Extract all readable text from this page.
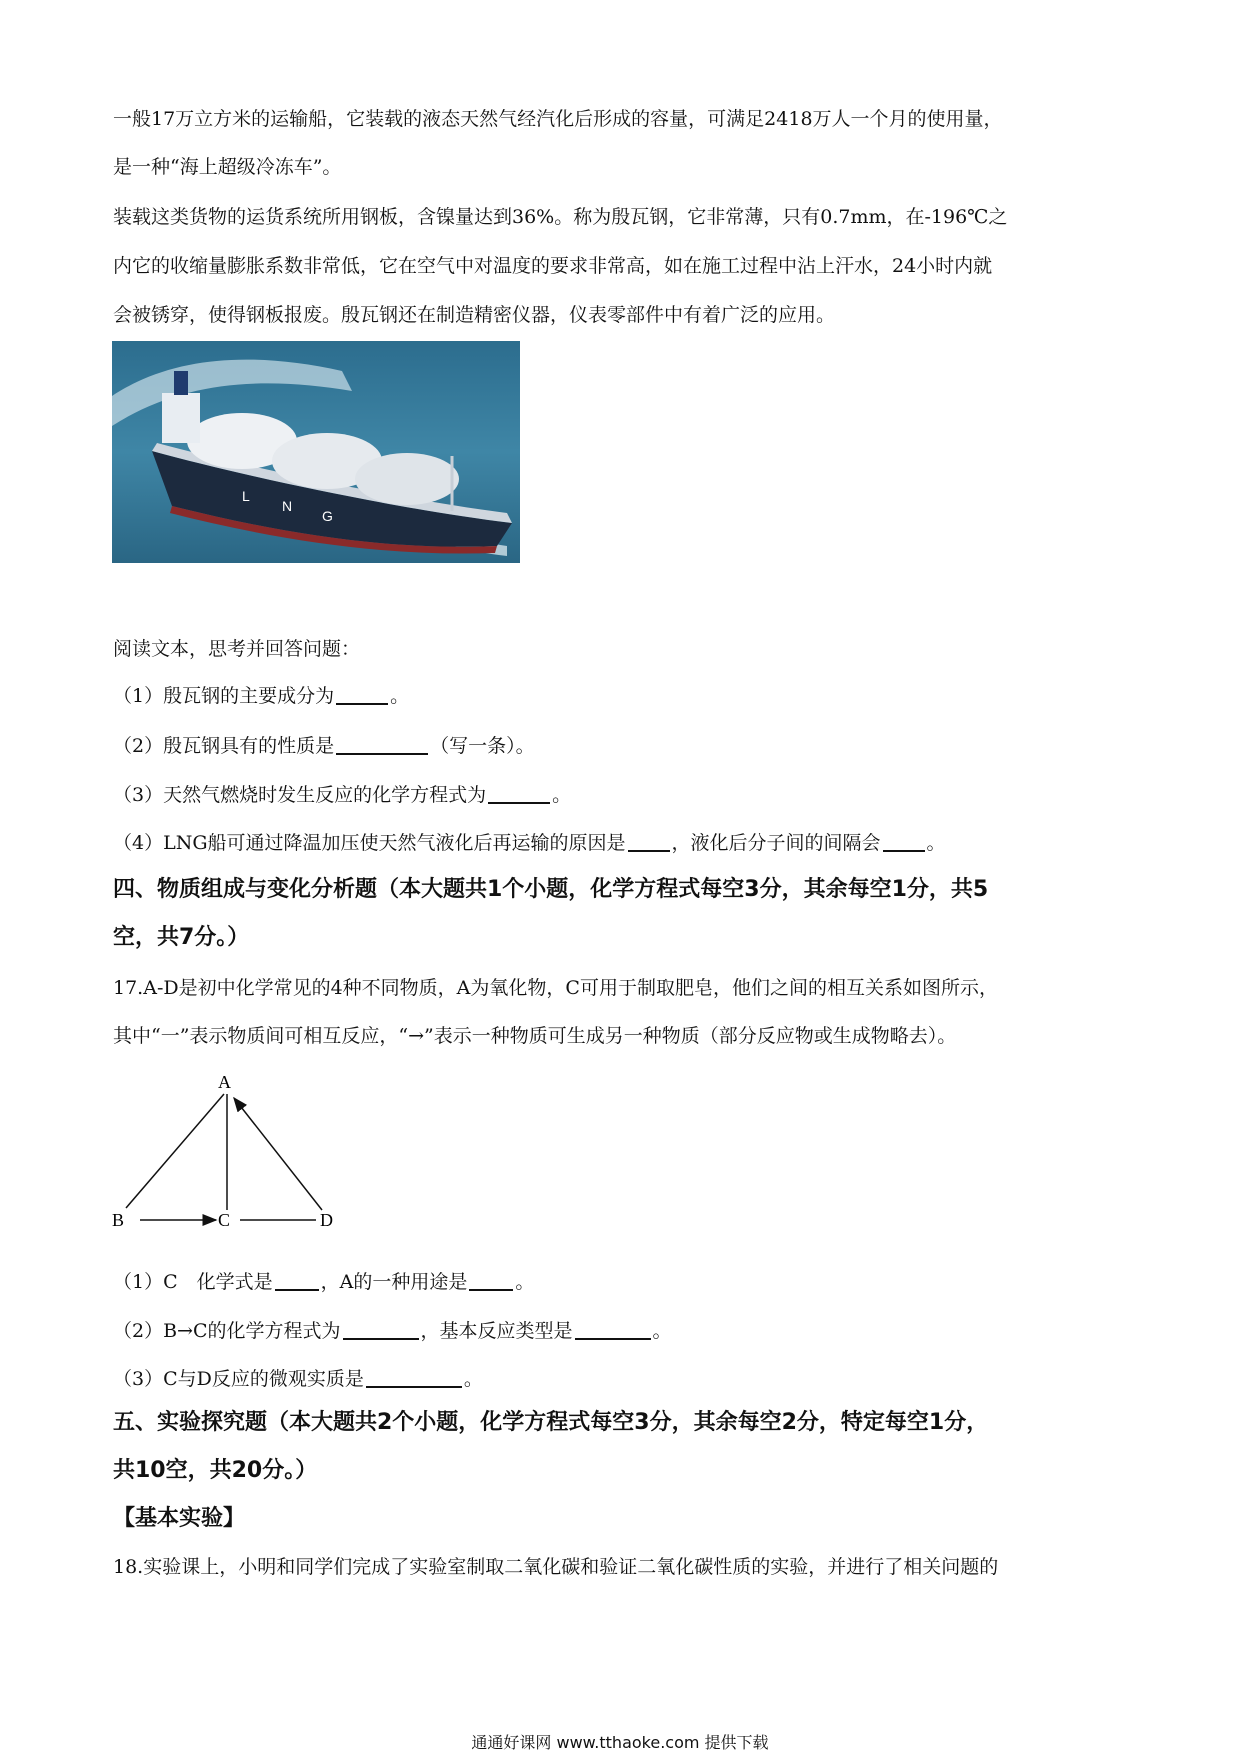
一般17万立方米的运输船，它装载的液态天然气经汽化后形成的容量，可满足2418万人一个月的使用量，
是一种“海上超级冷冻车”。
装载这类货物的运货系统所用钢板，含镍量达到36%。称为殷瓦钢，它非常薄，只有0.7mm，在-196℃之
内它的收缩量膨胀系数非常低，它在空气中对温度的要求非常高，如在施工过程中沾上汗水，24小时内就
会被锈穿，使得钢板报废。殷瓦钢还在制造精密仪器，仪表零部件中有着广泛的应用。
L
N
G
阅读文本，思考并回答问题：
（1）殷瓦钢的主要成分为	。
（2）殷瓦钢具有的性质是	（写一条）。
（3）天然气燃烧时发生反应的化学方程式为	。
（4）LNG船可通过降温加压使天然气液化后再运输的原因是 ，液化后分子间的间隔会 。
四、物质组成与变化分析题（本大题共1个小题，化学方程式每空3分，其余每空1分，共5
空，共7分。）
17.A-D是初中化学常见的4种不同物质，A为氧化物，C可用于制取肥皂，他们之间的相互关系如图所示，
其中“一”表示物质间可相互反应，“→”表示一种物质可生成另一种物质（部分反应物或生成物略去）。
A
B	C	D
（1）C　化学式是	，A的一种用途是	。
（2）B→C的化学方程式为	，基本反应类型是	。
（3）C与D反应的微观实质是	。
五、实验探究题（本大题共2个小题，化学方程式每空3分，其余每空2分，特定每空1分，
共10空，共20分。）
【基本实验】
18.实验课上，小明和同学们完成了实验室制取二氧化碳和验证二氧化碳性质的实验，并进行了相关问题的
通通好课网 www.tthaoke.com 提供下载
